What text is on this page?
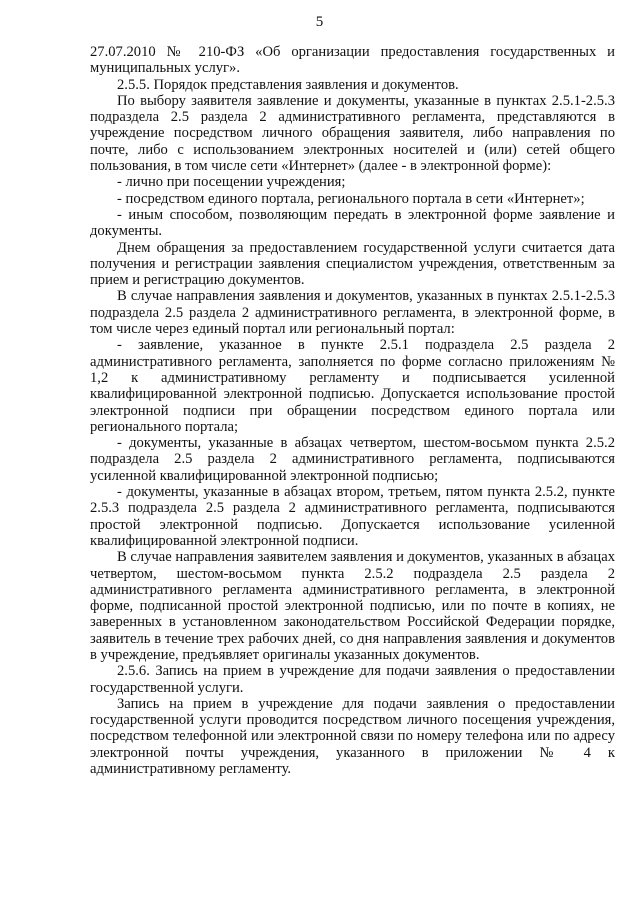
5

27.07.2010 № 210-ФЗ «Об организации предоставления государственных и муниципальных услуг».

2.5.5. Порядок представления заявления и документов.

По выбору заявителя заявление и документы, указанные в пунктах 2.5.1-2.5.3 подраздела 2.5 раздела 2 административного регламента, представляются в учреждение посредством личного обращения заявителя, либо направления по почте, либо с использованием электронных носителей и (или) сетей общего пользования, в том числе сети «Интернет» (далее - в электронной форме):

- лично при посещении учреждения;

- посредством единого портала, регионального портала в сети «Интернет»;

- иным способом, позволяющим передать в электронной форме заявление и документы.

Днем обращения за предоставлением государственной услуги считается дата получения и регистрации заявления специалистом учреждения, ответственным за прием и регистрацию документов.

В случае направления заявления и документов, указанных в пунктах 2.5.1-2.5.3 подраздела 2.5 раздела 2 административного регламента, в электронной форме, в том числе через единый портал или региональный портал:

- заявление, указанное в пункте 2.5.1 подраздела 2.5 раздела 2 административного регламента, заполняется по форме согласно приложениям № 1,2 к административному регламенту и подписывается усиленной квалифицированной электронной подписью. Допускается использование простой электронной подписи при обращении посредством единого портала или регионального портала;

- документы, указанные в абзацах четвертом, шестом-восьмом пункта 2.5.2 подраздела 2.5 раздела 2 административного регламента, подписываются усиленной квалифицированной электронной подписью;

- документы, указанные в абзацах втором, третьем, пятом пункта 2.5.2, пункте 2.5.3 подраздела 2.5 раздела 2 административного регламента, подписываются простой электронной подписью. Допускается использование усиленной квалифицированной электронной подписи.

В случае направления заявителем заявления и документов, указанных в абзацах четвертом, шестом-восьмом пункта 2.5.2 подраздела 2.5 раздела 2 административного регламента административного регламента, в электронной форме, подписанной простой электронной подписью, или по почте в копиях, не заверенных в установленном законодательством Российской Федерации порядке, заявитель в течение трех рабочих дней, со дня направления заявления и документов в учреждение, предъявляет оригиналы указанных документов.

2.5.6. Запись на прием в учреждение для подачи заявления о предоставлении государственной услуги.

Запись на прием в учреждение для подачи заявления о предоставлении государственной услуги проводится посредством личного посещения учреждения, посредством телефонной или электронной связи по номеру телефона или по адресу электронной почты учреждения, указанного в приложении № 4 к административному регламенту.
